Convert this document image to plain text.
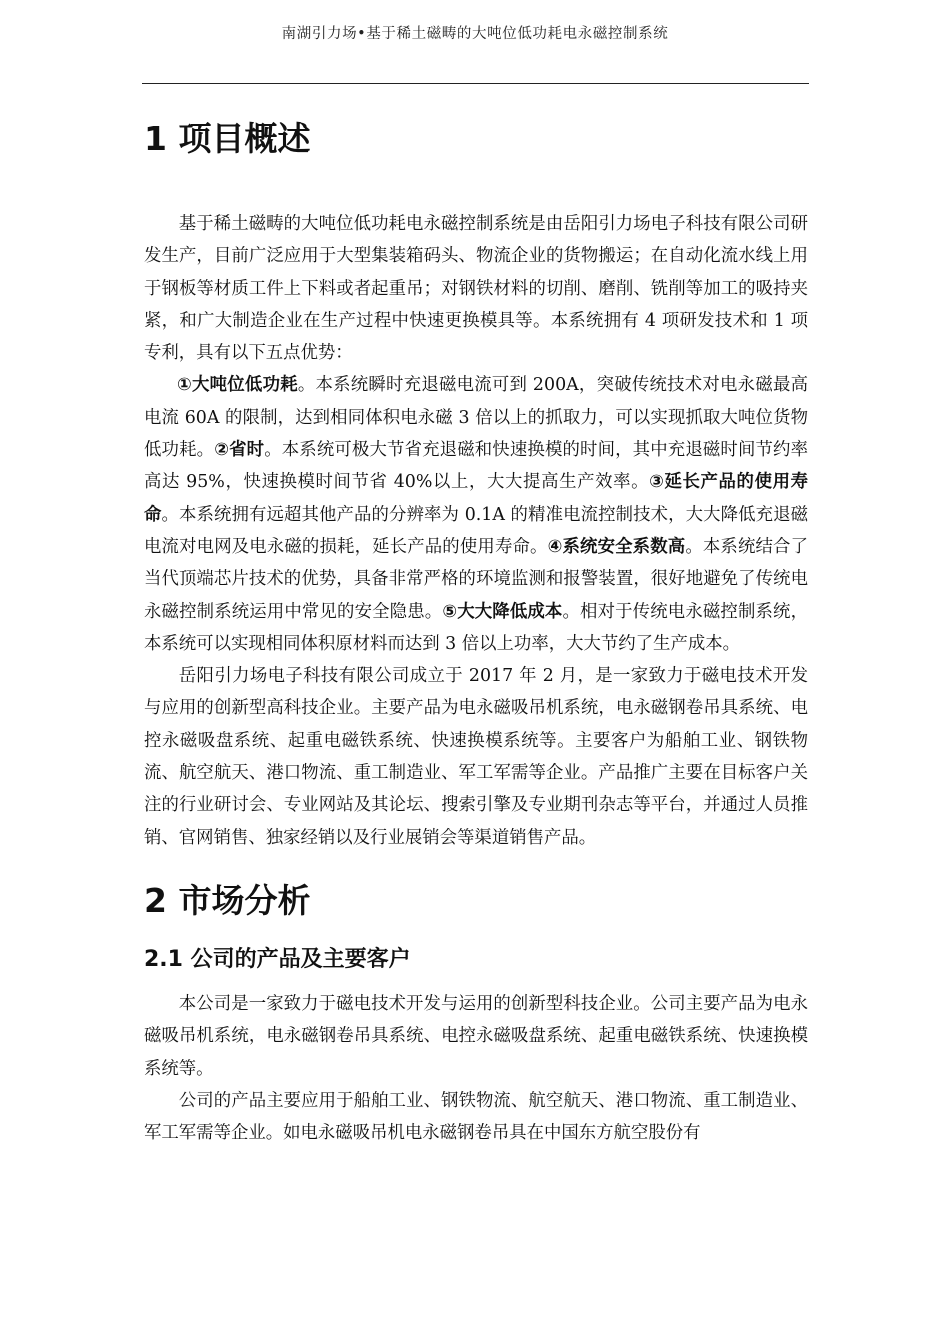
南湖引力场•基于稀土磁畴的大吨位低功耗电永磁控制系统
1 项目概述

基于稀土磁畴的大吨位低功耗电永磁控制系统是由岳阳引力场电子科技有限公司研发生产，目前广泛应用于大型集装箱码头、物流企业的货物搬运；在自动化流水线上用于钢板等材质工件上下料或者起重吊；对钢铁材料的切削、磨削、铣削等加工的吸持夹紧，和广大制造企业在生产过程中快速更换模具等。本系统拥有 4 项研发技术和 1 项专利，具有以下五点优势：

①大吨位低功耗。本系统瞬时充退磁电流可到 200A，突破传统技术对电永磁最高电流 60A 的限制，达到相同体积电永磁 3 倍以上的抓取力，可以实现抓取大吨位货物低功耗。②省时。本系统可极大节省充退磁和快速换模的时间，其中充退磁时间节约率高达 95%，快速换模时间节省 40%以上，大大提高生产效率。③延长产品的使用寿命。本系统拥有远超其他产品的分辨率为 0.1A 的精准电流控制技术，大大降低充退磁电流对电网及电永磁的损耗，延长产品的使用寿命。④系统安全系数高。本系统结合了当代顶端芯片技术的优势，具备非常严格的环境监测和报警装置，很好地避免了传统电永磁控制系统运用中常见的安全隐患。⑤大大降低成本。相对于传统电永磁控制系统，本系统可以实现相同体积原材料而达到 3 倍以上功率，大大节约了生产成本。

岳阳引力场电子科技有限公司成立于 2017 年 2 月，是一家致力于磁电技术开发与应用的创新型高科技企业。主要产品为电永磁吸吊机系统，电永磁钢卷吊具系统、电控永磁吸盘系统、起重电磁铁系统、快速换模系统等。主要客户为船舶工业、钢铁物流、航空航天、港口物流、重工制造业、军工军需等企业。产品推广主要在目标客户关注的行业研讨会、专业网站及其论坛、搜索引擎及专业期刊杂志等平台，并通过人员推销、官网销售、独家经销以及行业展销会等渠道销售产品。

2 市场分析
2.1 公司的产品及主要客户

本公司是一家致力于磁电技术开发与运用的创新型科技企业。公司主要产品为电永磁吸吊机系统，电永磁钢卷吊具系统、电控永磁吸盘系统、起重电磁铁系统、快速换模系统等。

公司的产品主要应用于船舶工业、钢铁物流、航空航天、港口物流、重工制造业、军工军需等企业。如电永磁吸吊机电永磁钢卷吊具在中国东方航空股份有
